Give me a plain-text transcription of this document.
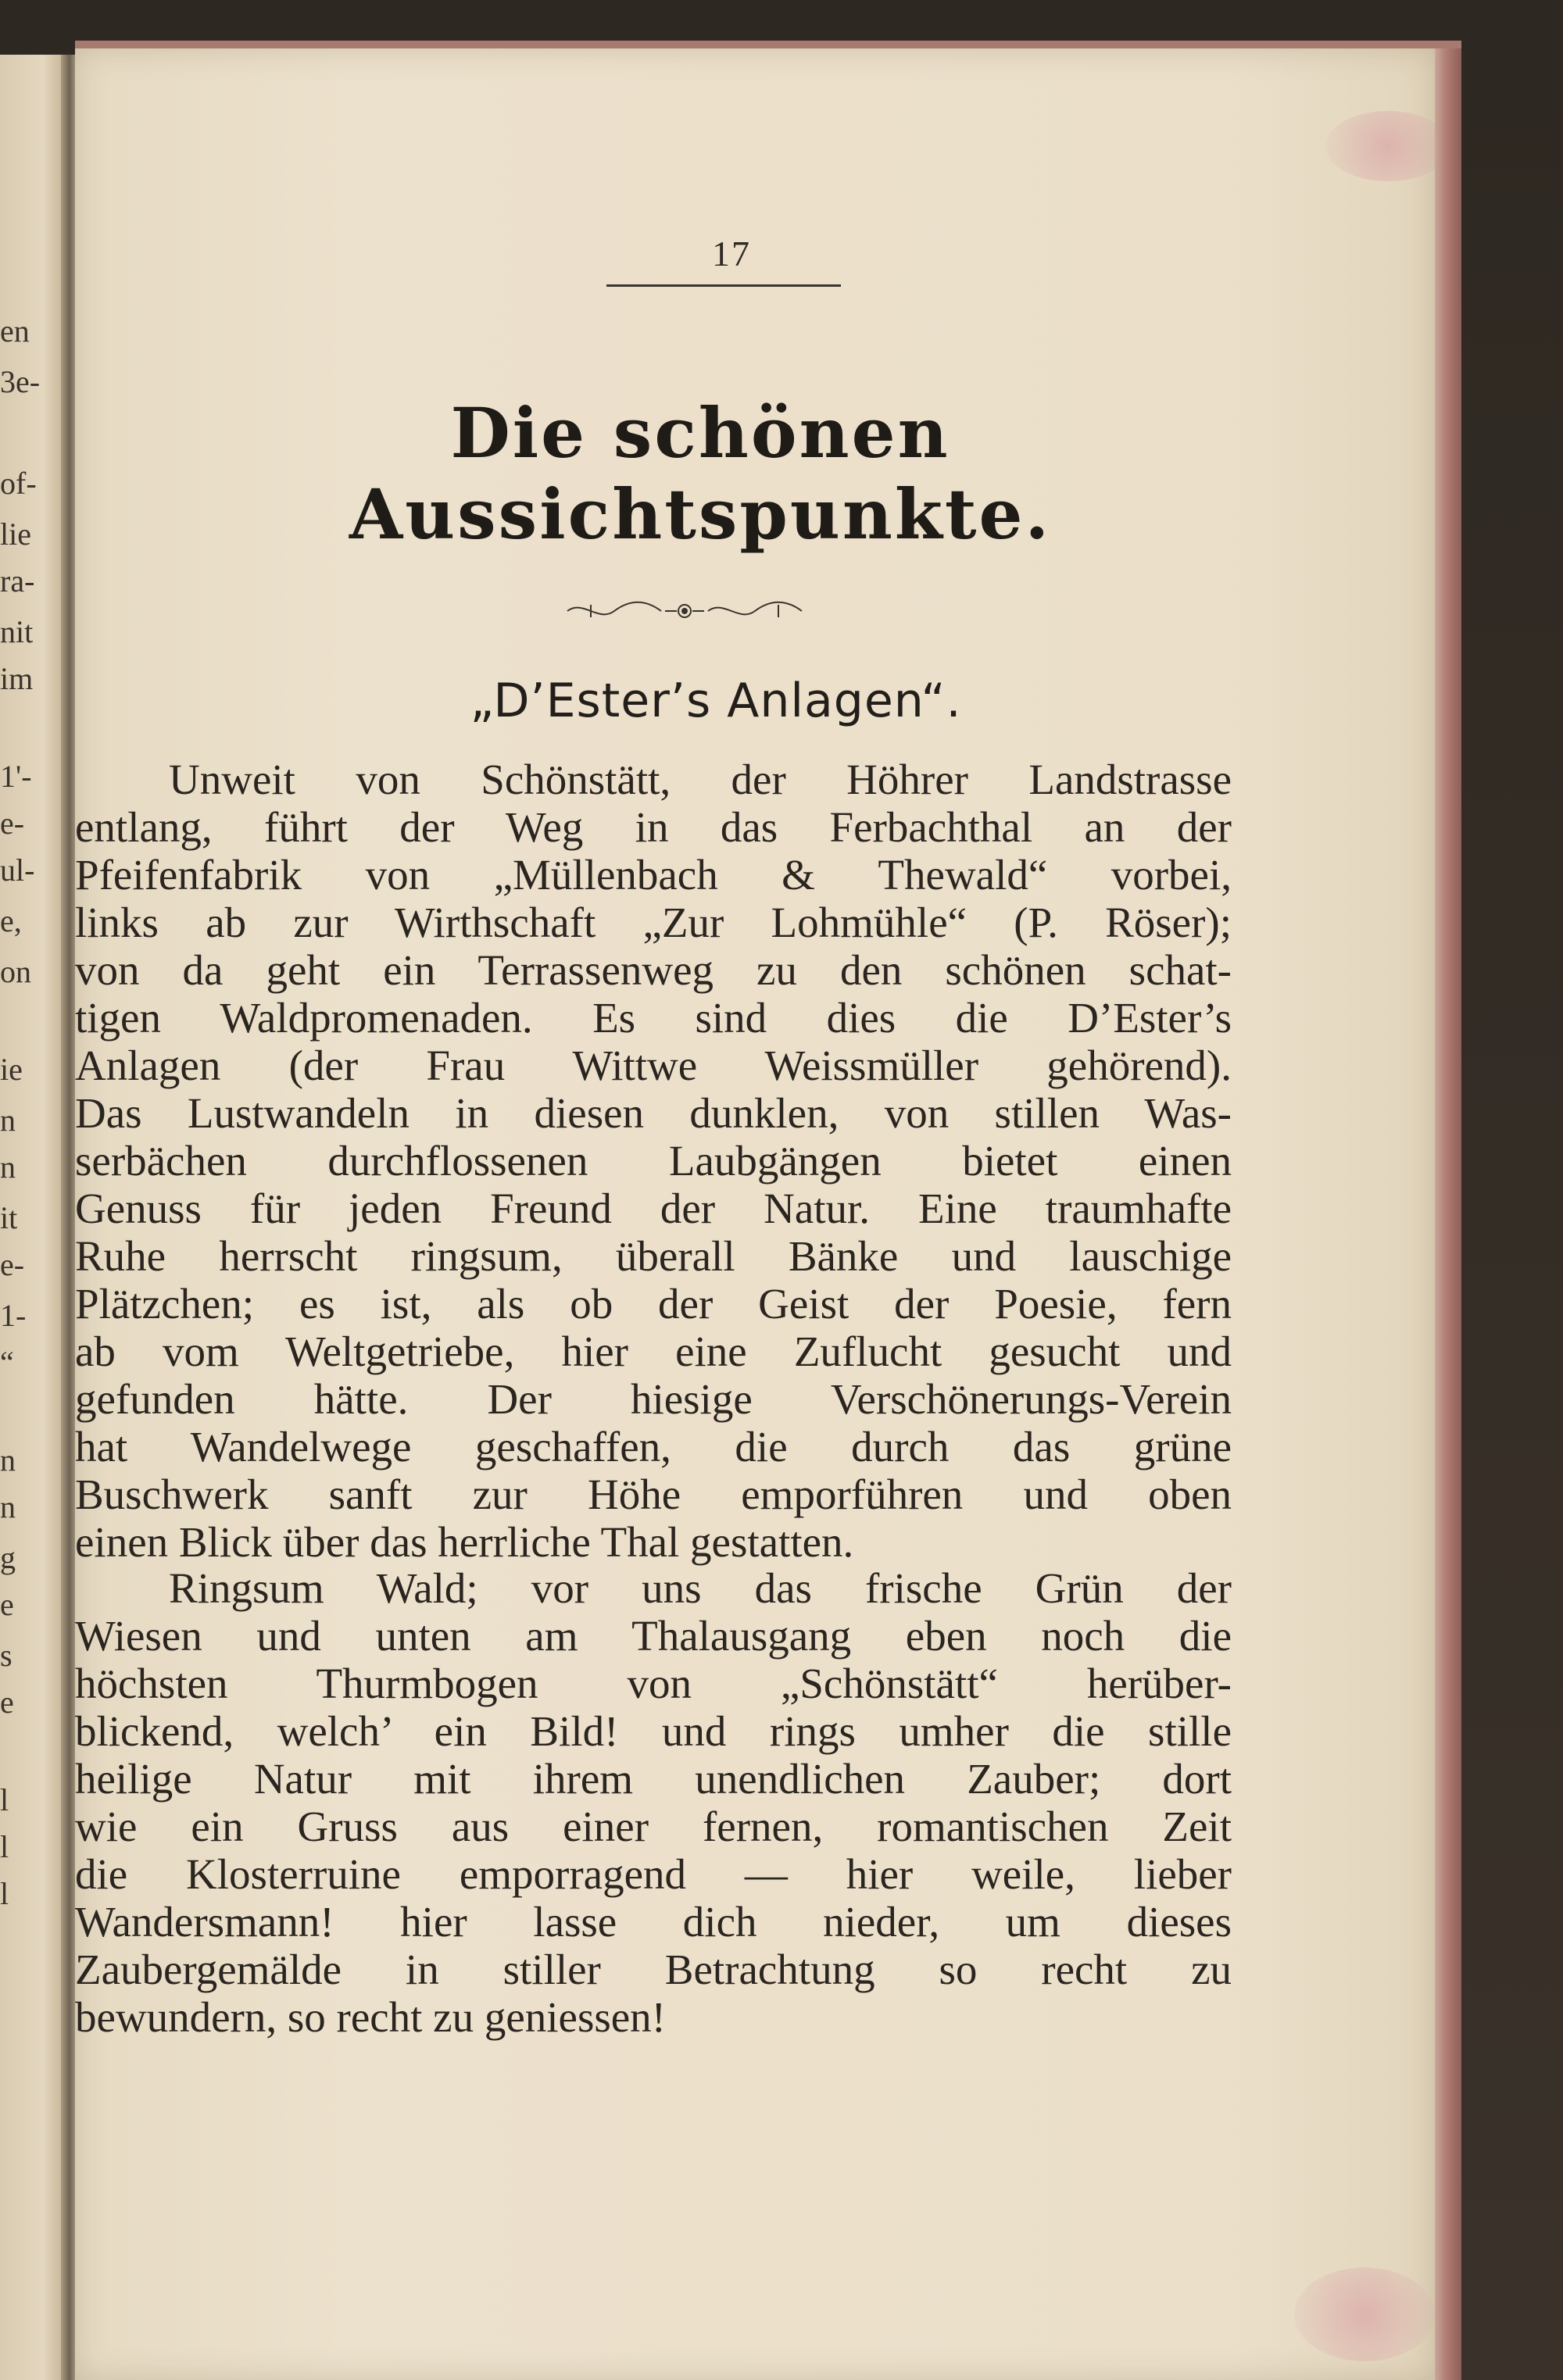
en
3e-
of-
lie
ra-
nit
im
1'-
e-
ul-
e,
on
ie
n
n
it
e-
1-
“
n
n
g
e
s
e
l
l
l
17
Die schönen Aussichtspunkte.
„D’Ester’s Anlagen“.
Unweit von Schönstätt, der Höhrer Landstrasse
entlang, führt der Weg in das Ferbachthal an der
Pfeifenfabrik von „Müllenbach & Thewald“ vorbei,
links ab zur Wirthschaft „Zur Lohmühle“ (P. Röser);
von da geht ein Terrassenweg zu den schönen schat-
tigen Waldpromenaden. Es sind dies die D’Ester’s
Anlagen (der Frau Wittwe Weissmüller gehörend).
Das Lustwandeln in diesen dunklen, von stillen Was-
serbächen durchflossenen Laubgängen bietet einen
Genuss für jeden Freund der Natur. Eine traumhafte
Ruhe herrscht ringsum, überall Bänke und lauschige
Plätzchen; es ist, als ob der Geist der Poesie, fern
ab vom Weltgetriebe, hier eine Zuflucht gesucht und
gefunden hätte. Der hiesige Verschönerungs-Verein
hat Wandelwege geschaffen, die durch das grüne
Buschwerk sanft zur Höhe emporführen und oben
einen Blick über das herrliche Thal gestatten.
Ringsum Wald; vor uns das frische Grün der
Wiesen und unten am Thalausgang eben noch die
höchsten Thurmbogen von „Schönstätt“ herüber-
blickend, welch’ ein Bild! und rings umher die stille
heilige Natur mit ihrem unendlichen Zauber; dort
wie ein Gruss aus einer fernen, romantischen Zeit
die Klosterruine emporragend — hier weile, lieber
Wandersmann! hier lasse dich nieder, um dieses
Zaubergemälde in stiller Betrachtung so recht zu
bewundern, so recht zu geniessen!
